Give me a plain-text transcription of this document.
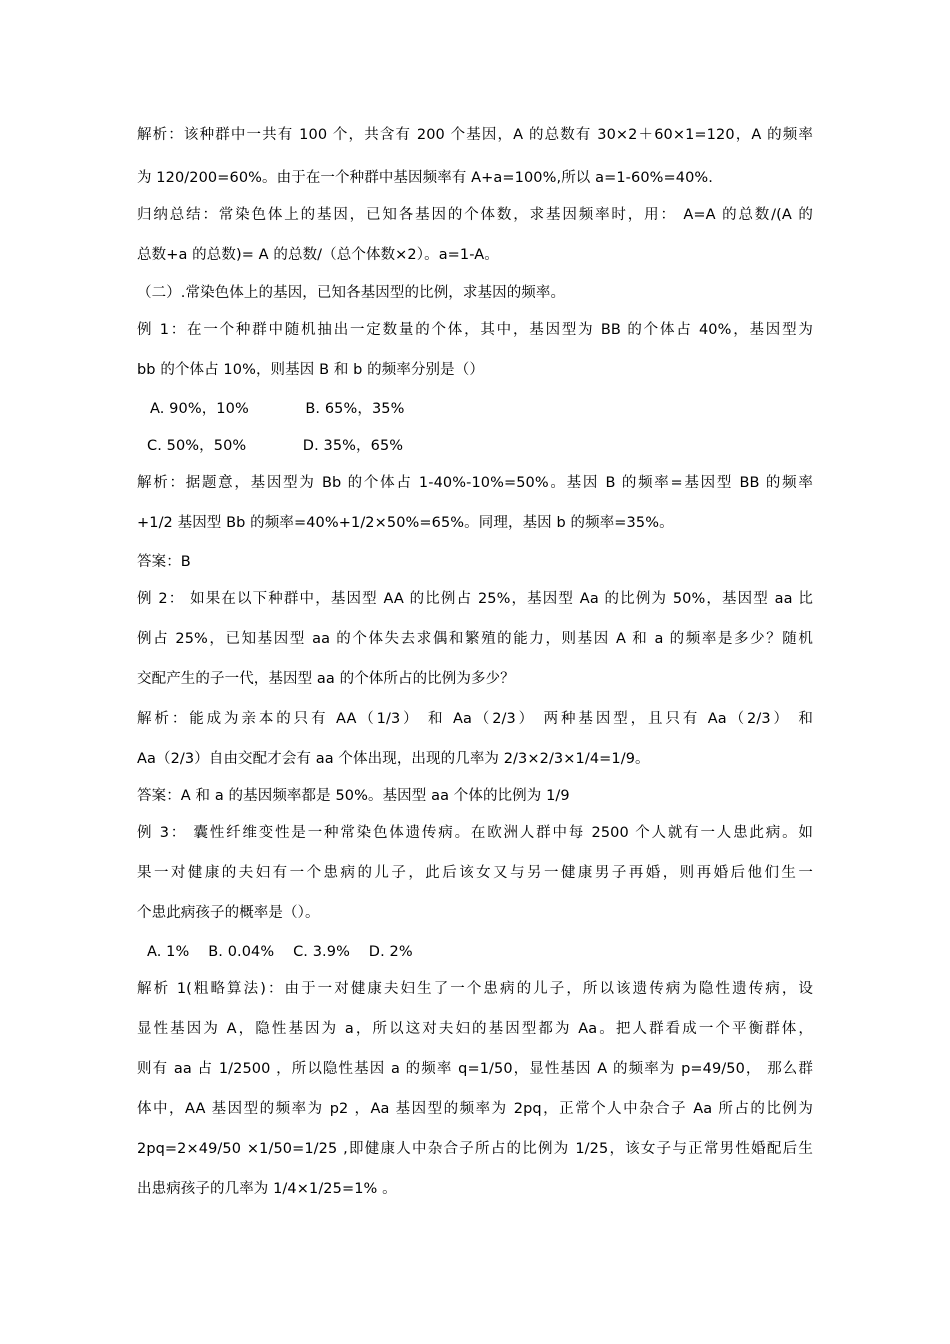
解析：该种群中一共有 100 个，共含有 200 个基因，A 的总数有 30×2＋60×1=120，A 的频率
为 120/200=60%。由于在一个种群中基因频率有 A+a=100%,所以 a=1-60%=40%.
归纳总结：常染色体上的基因，已知各基因的个体数，求基因频率时，用： A=A 的总数/(A 的
总数+a 的总数)= A 的总数/（总个体数×2）。a=1-A。
（二）.常染色体上的基因，已知各基因型的比例，求基因的频率。
例 1：在一个种群中随机抽出一定数量的个体，其中，基因型为 BB 的个体占 40%，基因型为
bb 的个体占 10%，则基因 B 和 b 的频率分别是（）
A. 90%，10%            B. 65%，35%
C. 50%，50%            D. 35%，65%
解析：据题意，基因型为 Bb 的个体占 1-40%-10%=50%。基因 B 的频率=基因型 BB 的频率
+1/2 基因型 Bb 的频率=40%+1/2×50%=65%。同理，基因 b 的频率=35%。
答案：B
例 2： 如果在以下种群中，基因型 AA 的比例占 25%，基因型 Aa 的比例为 50%，基因型 aa 比
例占 25%，已知基因型 aa 的个体失去求偶和繁殖的能力，则基因 A 和 a 的频率是多少？随机
交配产生的子一代，基因型 aa 的个体所占的比例为多少？
解析：能成为亲本的只有 AA（1/3） 和 Aa（2/3） 两种基因型，且只有 Aa（2/3） 和
Aa（2/3）自由交配才会有 aa 个体出现，出现的几率为 2/3×2/3×1/4=1/9。
答案：A 和 a 的基因频率都是 50%。基因型 aa 个体的比例为 1/9
例 3： 囊性纤维变性是一种常染色体遗传病。在欧洲人群中每 2500 个人就有一人患此病。如
果一对健康的夫妇有一个患病的儿子，此后该女又与另一健康男子再婚，则再婚后他们生一
个患此病孩子的概率是（）。
A. 1%    B. 0.04%    C. 3.9%    D. 2%
解析 1(粗略算法)：由于一对健康夫妇生了一个患病的儿子，所以该遗传病为隐性遗传病，设
显性基因为 A，隐性基因为 a，所以这对夫妇的基因型都为 Aa。把人群看成一个平衡群体，
则有 aa 占 1/2500 ，所以隐性基因 a 的频率 q=1/50，显性基因 A 的频率为 p=49/50， 那么群
体中，AA 基因型的频率为 p2 ，Aa 基因型的频率为 2pq，正常个人中杂合子 Aa 所占的比例为
2pq=2×49/50 ×1/50=1/25 ,即健康人中杂合子所占的比例为 1/25，该女子与正常男性婚配后生
出患病孩子的几率为 1/4×1/25=1% 。
